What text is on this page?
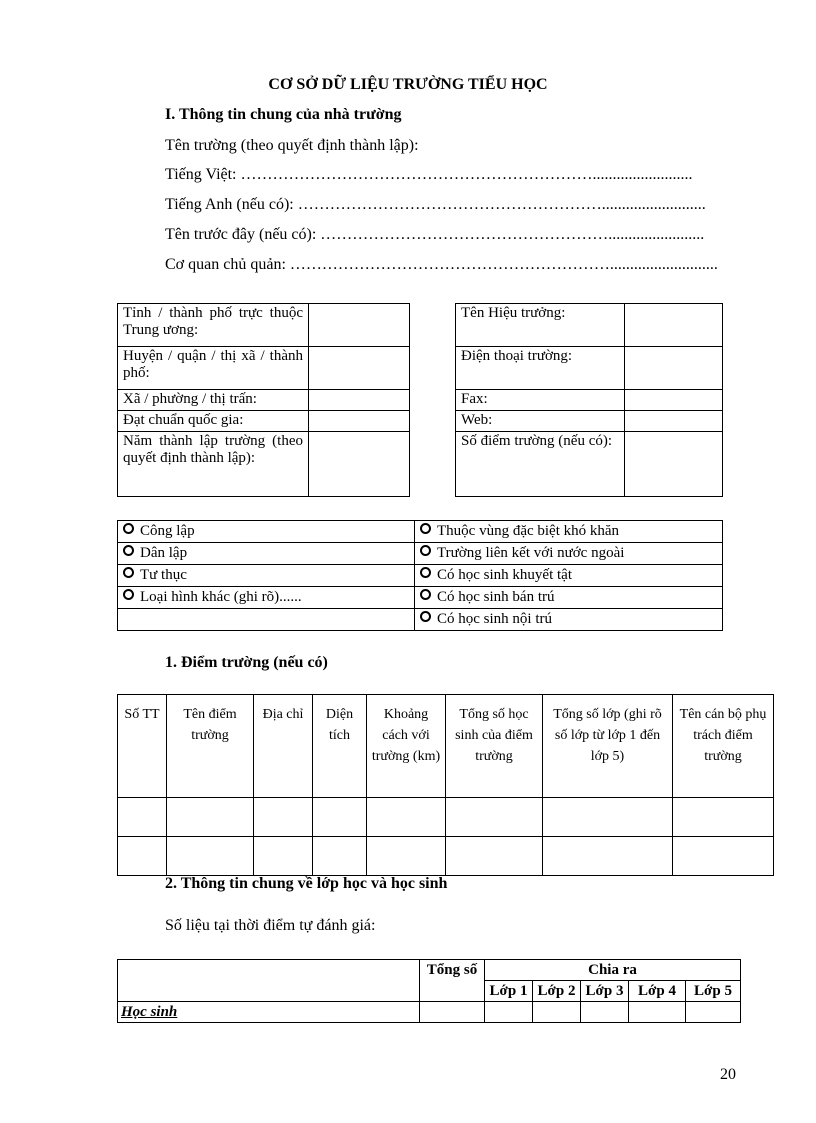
CƠ SỞ DỮ LIỆU TRƯỜNG TIỂU HỌC
I. Thông tin chung của nhà trường
Tên trường (theo quyết định thành lập):
Tiếng Việt: ………………………………………………………….........................
Tiếng Anh (nếu có): …………………………………………………..........................
Tên trước đây (nếu có): ………………………………………………........................
Cơ quan chủ quản: ……………………………………………………...........................
Tỉnh / thành phố trực thuộc Trung ương:	
Huyện / quận / thị xã / thành phố:	
Xã / phường / thị trấn:	
Đạt chuẩn quốc gia:	
Năm thành lập trường (theo quyết định thành lập):	
Tên Hiệu trưởng:	
Điện thoại trường:	
Fax:	
Web:	
Số điểm trường (nếu có):	
Công lập	Thuộc vùng đặc biệt khó khăn
Dân lập	Trường liên kết với nước ngoài
Tư thục	Có học sinh khuyết tật
Loại hình khác (ghi rõ)......	Có học sinh bán trú
	Có học sinh nội trú
1. Điểm trường (nếu có)
Số TT	Tên điểm trường	Địa chỉ	Diện tích	Khoảng cách với trường (km)	Tổng số học sinh của điểm trường	Tổng số lớp (ghi rõ số lớp từ lớp 1 đến lớp 5)	Tên cán bộ phụ trách điểm trường

2. Thông tin chung về lớp học và học sinh
Số liệu tại thời điểm tự đánh giá:
	Tổng số	Chia ra				
		Lớp 1	Lớp 2	Lớp 3	Lớp 4	Lớp 5
Học sinh						
20
